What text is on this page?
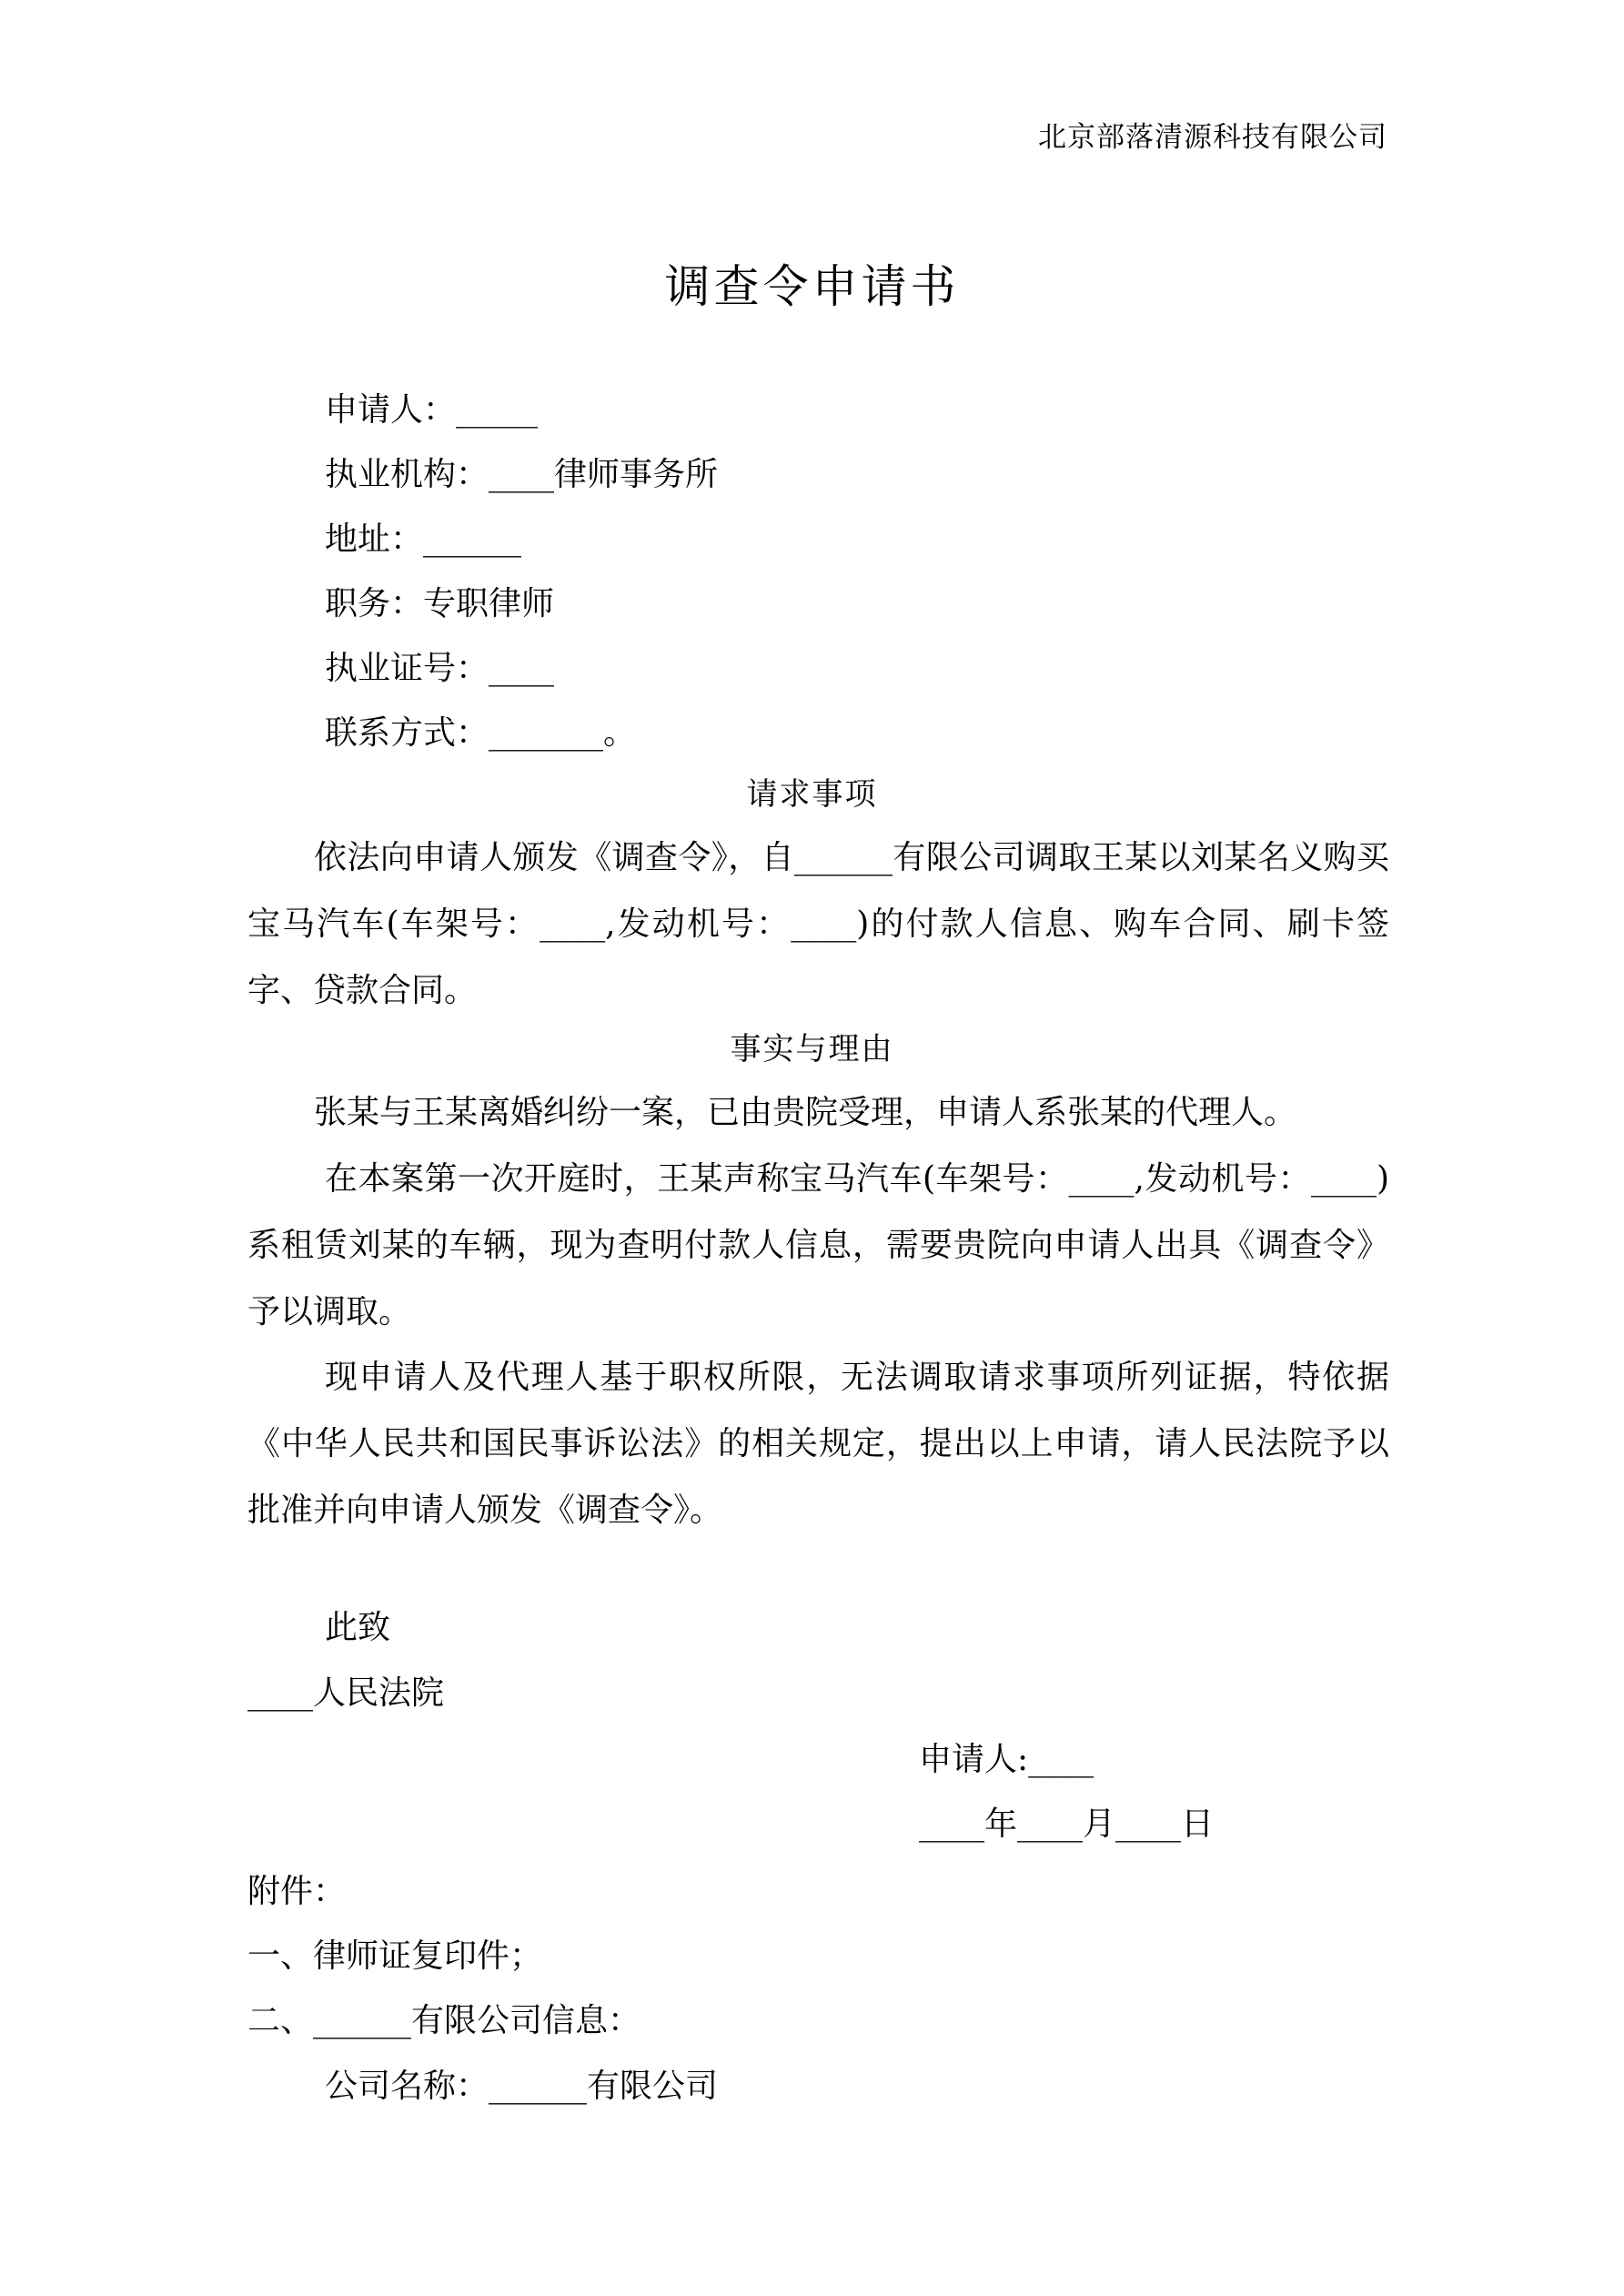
北京部落清源科技有限公司
调查令申请书
申请人：_____
执业机构：____律师事务所
地址：______
职务：专职律师
执业证号：____
联系方式：_______。
请求事项
依法向申请人颁发《调查令》，自______有限公司调取王某以刘某名义购买宝马汽车(车架号：____,发动机号：____)的付款人信息、购车合同、刷卡签字、贷款合同。
事实与理由
张某与王某离婚纠纷一案，已由贵院受理，申请人系张某的代理人。
在本案第一次开庭时，王某声称宝马汽车(车架号：____,发动机号：____)系租赁刘某的车辆，现为查明付款人信息，需要贵院向申请人出具《调查令》予以调取。
现申请人及代理人基于职权所限，无法调取请求事项所列证据，特依据《中华人民共和国民事诉讼法》的相关规定，提出以上申请，请人民法院予以批准并向申请人颁发《调查令》。
此致
____人民法院
申请人:____
____年____月____日
附件：
一、律师证复印件；
二、______有限公司信息：
公司名称：______有限公司
